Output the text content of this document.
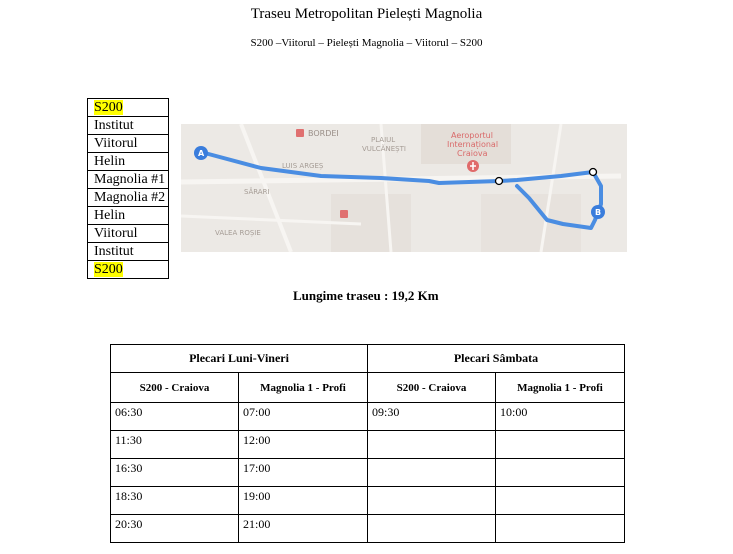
Traseu Metropolitan Pielești Magnolia
S200 –Viitorul – Pielești Magnolia – Viitorul – S200
S200
Institut
Viitorul
Helin
Magnolia #1
Magnolia #2
Helin
Viitorul
Institut
S200
BORDEI
PLAIUL
VULCĂNEȘTI
Aeroportul
Internațional
Craiova
LUIS ARGEȘ
SĂRARI
VALEA ROȘIE
A
B
Lungime traseu : 19,2 Km
Plecari Luni-Vineri		Plecari Sâmbata	
S200 - Craiova	Magnolia 1 - Profi	S200 - Craiova	Magnolia 1 - Profi
06:30	07:00	09:30	10:00
11:30	12:00		
16:30	17:00		
18:30	19:00		
20:30	21:00		
